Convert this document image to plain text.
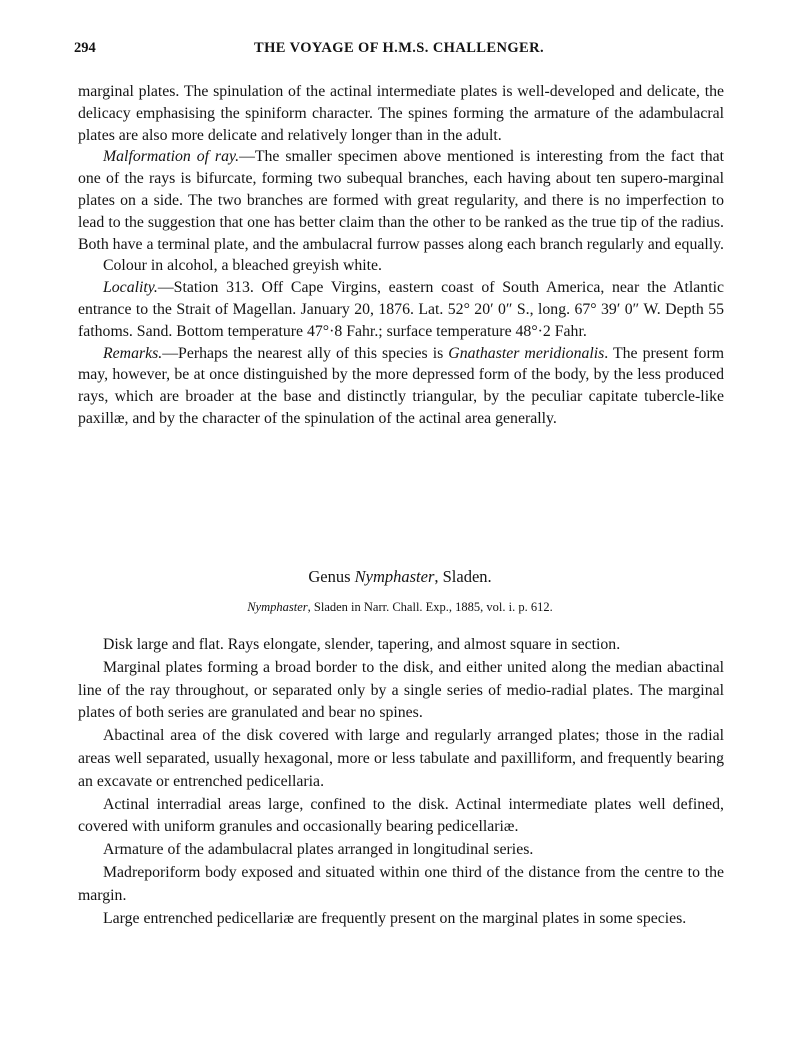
294	THE VOYAGE OF H.M.S. CHALLENGER.

marginal plates. The spinulation of the actinal intermediate plates is well-developed and delicate, the delicacy emphasising the spiniform character. The spines forming the armature of the adambulacral plates are also more delicate and relatively longer than in the adult.

Malformation of ray.—The smaller specimen above mentioned is interesting from the fact that one of the rays is bifurcate, forming two subequal branches, each having about ten supero-marginal plates on a side. The two branches are formed with great regularity, and there is no imperfection to lead to the suggestion that one has better claim than the other to be ranked as the true tip of the radius. Both have a terminal plate, and the ambulacral furrow passes along each branch regularly and equally.

Colour in alcohol, a bleached greyish white.

Locality.—Station 313. Off Cape Virgins, eastern coast of South America, near the Atlantic entrance to the Strait of Magellan. January 20, 1876. Lat. 52° 20′ 0″ S., long. 67° 39′ 0″ W. Depth 55 fathoms. Sand. Bottom temperature 47°·8 Fahr.; surface temperature 48°·2 Fahr.

Remarks.—Perhaps the nearest ally of this species is Gnathaster meridionalis. The present form may, however, be at once distinguished by the more depressed form of the body, by the less produced rays, which are broader at the base and distinctly triangular, by the peculiar capitate tubercle-like paxillæ, and by the character of the spinulation of the actinal area generally.

Genus Nymphaster, Sladen.
Nymphaster, Sladen in Narr. Chall. Exp., 1885, vol. i. p. 612.

Disk large and flat. Rays elongate, slender, tapering, and almost square in section.

Marginal plates forming a broad border to the disk, and either united along the median abactinal line of the ray throughout, or separated only by a single series of medio-radial plates. The marginal plates of both series are granulated and bear no spines.

Abactinal area of the disk covered with large and regularly arranged plates; those in the radial areas well separated, usually hexagonal, more or less tabulate and paxilliform, and frequently bearing an excavate or entrenched pedicellaria.

Actinal interradial areas large, confined to the disk. Actinal intermediate plates well defined, covered with uniform granules and occasionally bearing pedicellariæ.

Armature of the adambulacral plates arranged in longitudinal series.

Madreporiform body exposed and situated within one third of the distance from the centre to the margin.

Large entrenched pedicellariæ are frequently present on the marginal plates in some species.
